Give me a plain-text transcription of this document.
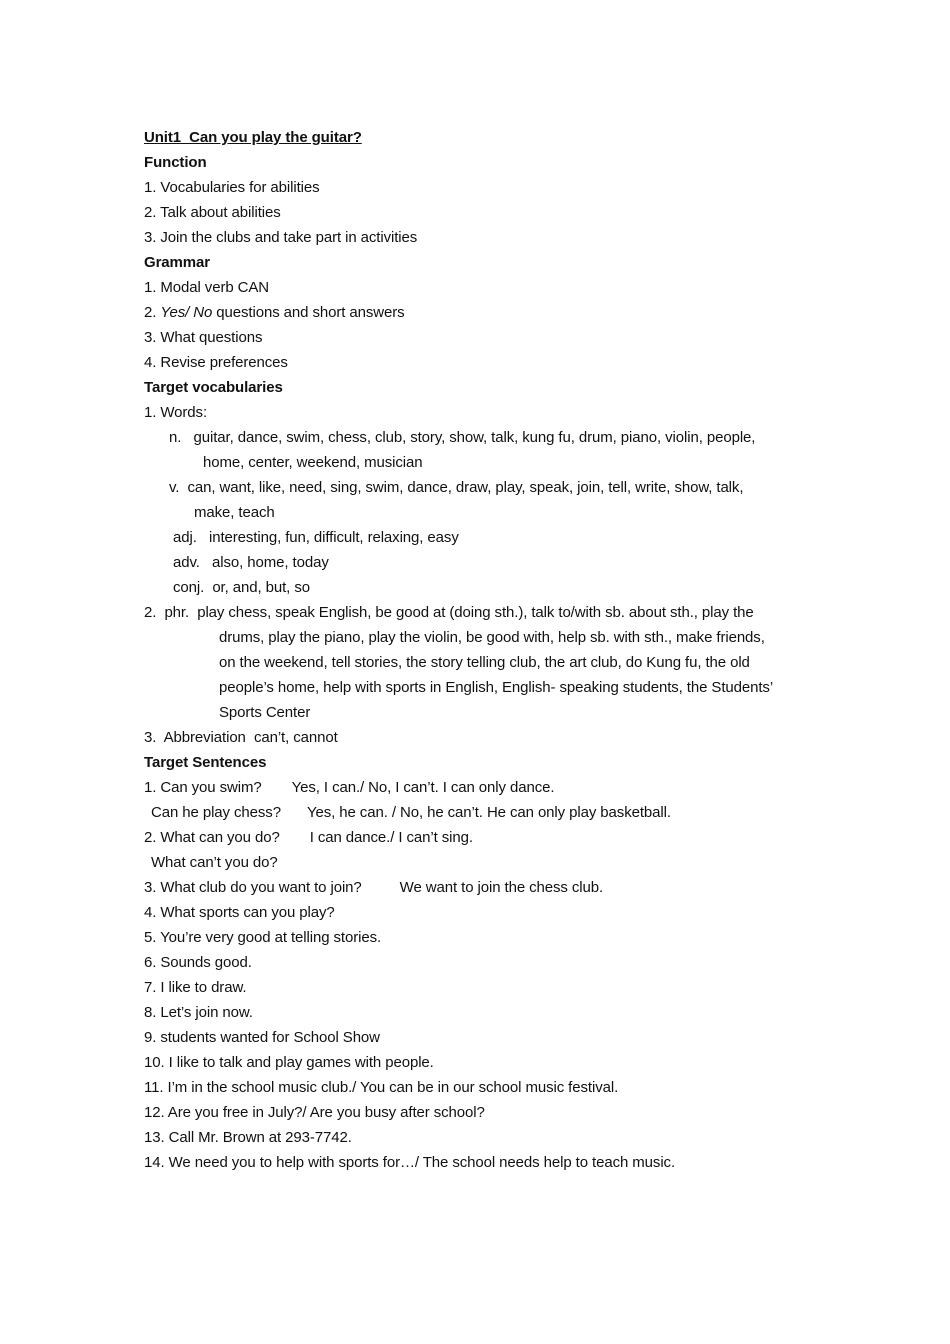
Unit1  Can you play the guitar?
Function
1. Vocabularies for abilities
2. Talk about abilities
3. Join the clubs and take part in activities
Grammar
1. Modal verb CAN
2. Yes/ No questions and short answers
3. What questions
4. Revise preferences
Target vocabularies
1. Words:
n.   guitar, dance, swim, chess, club, story, show, talk, kung fu, drum, piano, violin, people,
home, center, weekend, musician
v.  can, want, like, need, sing, swim, dance, draw, play, speak, join, tell, write, show, talk,
make, teach
adj.   interesting, fun, difficult, relaxing, easy
adv.   also, home, today
conj.  or, and, but, so
2.  phr.  play chess, speak English, be good at (doing sth.), talk to/with sb. about sth., play the
drums, play the piano, play the violin, be good with, help sb. with sth., make friends,
on the weekend, tell stories, the story telling club, the art club, do Kung fu, the old
people’s home, help with sports in English, English- speaking students, the Students’
Sports Center
3.  Abbreviation  can’t, cannot
Target Sentences
1. Can you swim? Yes, I can./ No, I can’t. I can only dance.
Can he play chess? Yes, he can. / No, he can’t. He can only play basketball.
2. What can you do? I can dance./ I can’t sing.
What can’t you do?
3. What club do you want to join?	We want to join the chess club.
4. What sports can you play?
5. You’re very good at telling stories.
6. Sounds good.
7. I like to draw.
8. Let’s join now.
9. students wanted for School Show
10. I like to talk and play games with people.
11. I’m in the school music club./ You can be in our school music festival.
12. Are you free in July?/ Are you busy after school?
13. Call Mr. Brown at 293-7742.
14. We need you to help with sports for…/ The school needs help to teach music.
